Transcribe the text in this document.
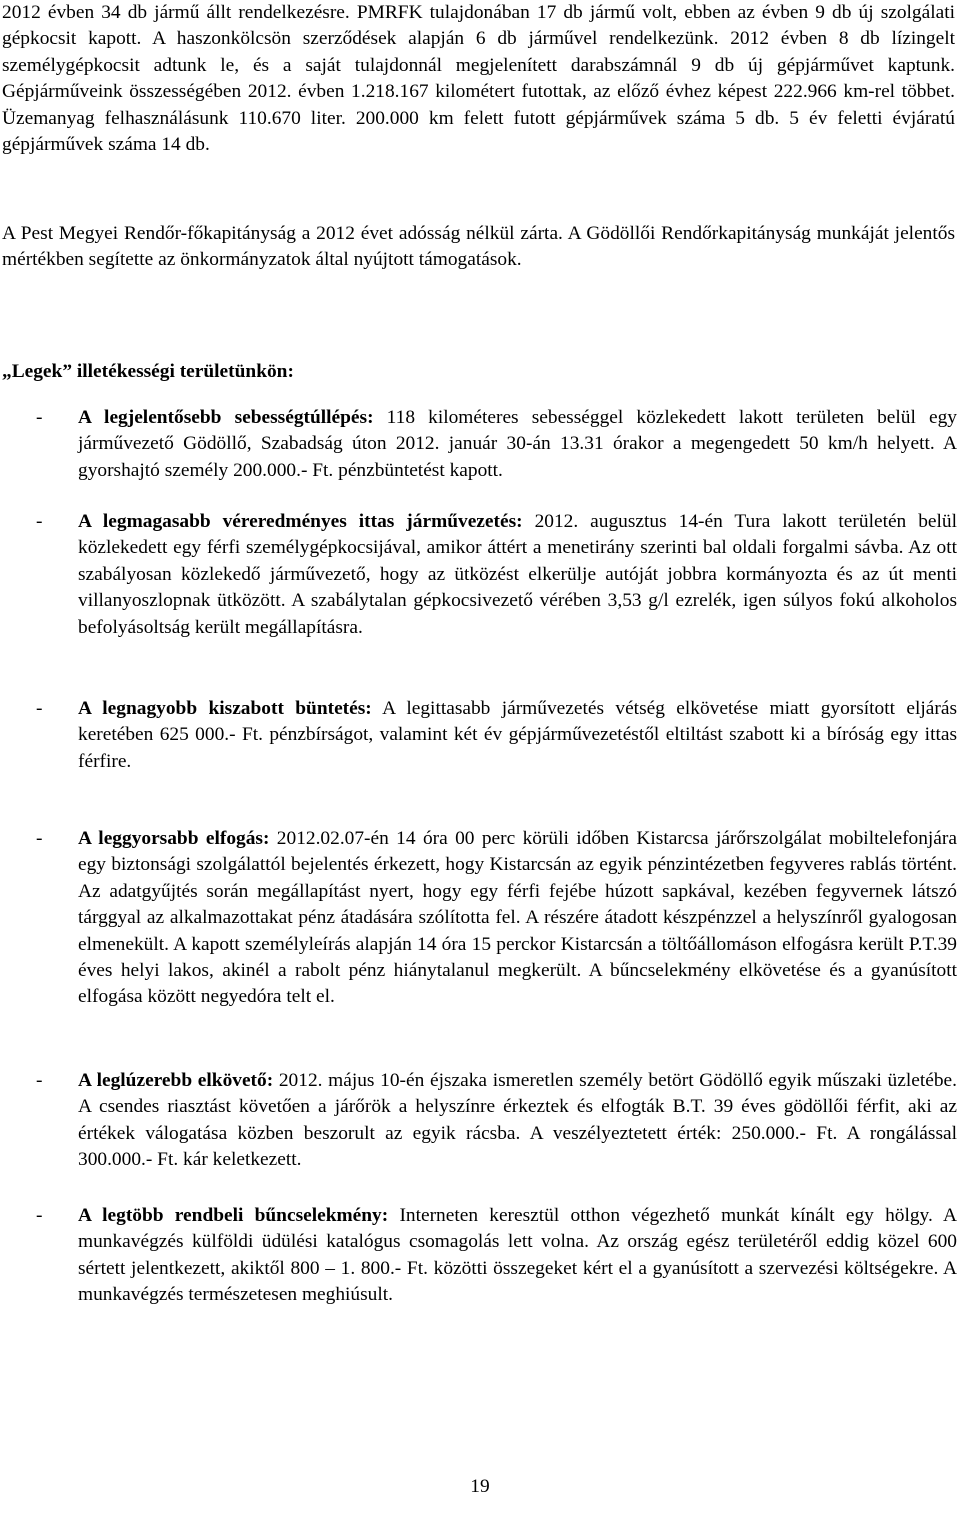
2012 évben 34 db jármű állt rendelkezésre. PMRFK tulajdonában 17 db jármű volt, ebben az évben 9 db új szolgálati gépkocsit kapott. A haszonkölcsön szerződések alapján 6 db járművel rendelkezünk. 2012 évben 8 db lízingelt személygépkocsit adtunk le, és a saját tulajdonnál megjelenített darabszámnál 9 db új gépjárművet kaptunk. Gépjárműveink összességében 2012. évben 1.218.167 kilométert futottak, az előző évhez képest 222.966 km-rel többet. Üzemanyag felhasználásunk 110.670 liter. 200.000 km felett futott gépjárművek száma 5 db. 5 év feletti évjáratú gépjárművek száma 14 db.

A Pest Megyei Rendőr-főkapitányság a 2012 évet adósság nélkül zárta. A Gödöllői Rendőrkapitányság munkáját jelentős mértékben segítette az önkormányzatok által nyújtott támogatások.

„Legek” illetékességi területünkön:

- A legjelentősebb sebességtúllépés: 118 kilométeres sebességgel közlekedett lakott területen belül egy járművezető Gödöllő, Szabadság úton 2012. január 30-án 13.31 órakor a megengedett 50 km/h helyett. A gyorshajtó személy 200.000.- Ft. pénzbüntetést kapott.

- A legmagasabb véreredményes ittas járművezetés: 2012. augusztus 14-én Tura lakott területén belül közlekedett egy férfi személygépkocsijával, amikor áttért a menetirány szerinti bal oldali forgalmi sávba. Az ott szabályosan közlekedő járművezető, hogy az ütközést elkerülje autóját jobbra kormányozta és az út menti villanyoszlopnak ütközött. A szabálytalan gépkocsivezető vérében 3,53 g/l ezrelék, igen súlyos fokú alkoholos befolyásoltság került megállapításra.

- A legnagyobb kiszabott büntetés: A legittasabb járművezetés vétség elkövetése miatt gyorsított eljárás keretében 625 000.- Ft. pénzbírságot, valamint két év gépjárművezetéstől eltiltást szabott ki a bíróság egy ittas férfire.

- A leggyorsabb elfogás: 2012.02.07-én 14 óra 00 perc körüli időben Kistarcsa járőrszolgálat mobiltelefonjára egy biztonsági szolgálattól bejelentés érkezett, hogy Kistarcsán az egyik pénzintézetben fegyveres rablás történt. Az adatgyűjtés során megállapítást nyert, hogy egy férfi fejébe húzott sapkával, kezében fegyvernek látszó tárggyal az alkalmazottakat pénz átadására szólította fel. A részére átadott készpénzzel a helyszínről gyalogosan elmenekült. A kapott személyleírás alapján 14 óra 15 perckor Kistarcsán a töltőállomáson elfogásra került P.T.39 éves helyi lakos, akinél a rabolt pénz hiánytalanul megkerült. A bűncselekmény elkövetése és a gyanúsított elfogása között negyedóra telt el.

- A leglúzerebb elkövető: 2012. május 10-én éjszaka ismeretlen személy betört Gödöllő egyik műszaki üzletébe. A csendes riasztást követően a járőrök a helyszínre érkeztek és elfogták B.T. 39 éves gödöllői férfit, aki az értékek válogatása közben beszorult az egyik rácsba. A veszélyeztetett érték: 250.000.- Ft. A rongálással 300.000.- Ft. kár keletkezett.

- A legtöbb rendbeli bűncselekmény: Interneten keresztül otthon végezhető munkát kínált egy hölgy. A munkavégzés külföldi üdülési katalógus csomagolás lett volna. Az ország egész területéről eddig közel 600 sértett jelentkezett, akiktől 800 – 1. 800.- Ft. közötti összegeket kért el a gyanúsított a szervezési költségekre. A munkavégzés természetesen meghiúsult.

19
